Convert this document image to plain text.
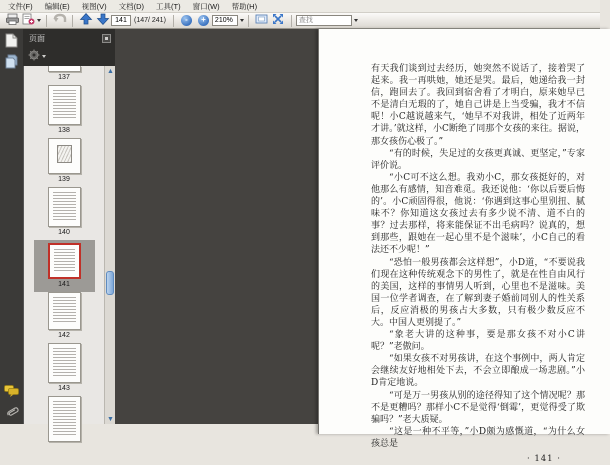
文件(F)	编辑(E)	视图(V)	文档(D)	工具(T)	窗口(W)	帮助(H)
141
(147/ 241)	-	+
210%
查找
页面
137
138
139
140
141
142
143
▲
▼

有天我们谈到过去经历，她突然不说话了，接着哭了起来。我一再哄她，她还是哭。最后，她递给我一封信，跑回去了。我回到宿舍看了才明白，原来她早已不是清白无瑕的了，她自己讲是上当受骗，我才不信呢！小C越说越来气，‘她早不对我讲，相处了近两年才讲。’就这样，小C断绝了同那个女孩的来往。据说，那女孩伤心极了。”

“有的时候，失足过的女孩更真诚、更坚定，”专家评价说。

“小C可不这么想。我劝小C，那女孩挺好的，对他那么有感情，知音难觅。我还说他：‘你以后要后悔的’。小C顽固得很，他说：‘你遇到这事心里别扭、腻味不？你知道这女孩过去有多少说不清、道不白的事？过去那样，将来能保证不出毛病吗？说真的，想到那些，跟她在一起心里不是个滋味’，小C自己的看法还不少呢！”

“恐怕一般男孩都会这样想”，小D道，“不要说我们现在这种传统观念下的男性了，就是在性自由风行的美国，这样的事情男人听到，心里也不是滋味。美国一位学者调查，在了解到妻子婚前同别人的性关系后，反应消极的男孩占大多数，只有极少数反应不大。中国人更别提了。”

“象老大讲的这种事，要是那女孩不对小C讲呢？”老傲问。

“如果女孩不对男孩讲，在这个事例中，两人肯定会继续友好地相处下去，不会立即酿成一场悲剧。”小D肯定地说。

“可是万一男孩从别的途径得知了这个情况呢？那不是更糟吗？那样小C不是觉得‘倒霉’，更觉得受了欺骗吗？”老大质疑。

“这是一种不平等，”小D颇为感慨道，“为什么女孩总是

· 141 ·
